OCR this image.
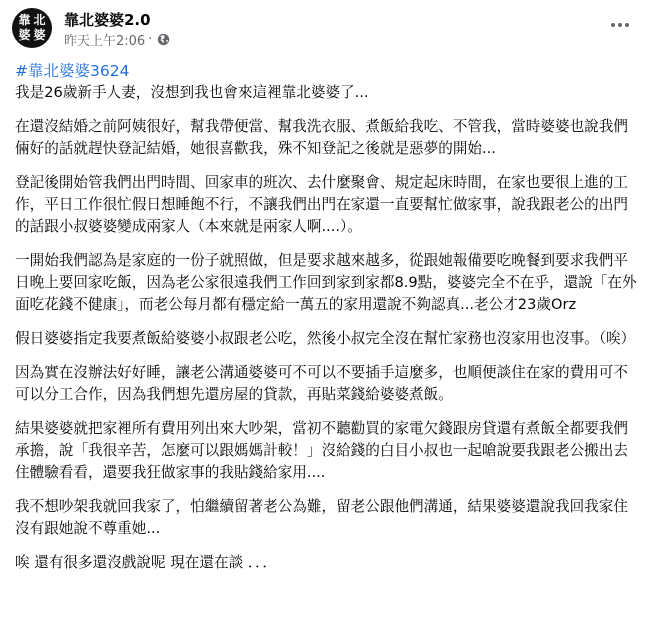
靠 北
婆 婆
靠北婆婆2.0
昨天上午2:06 ·
#靠北婆婆3624

我是26歲新手人妻，沒想到我也會來這裡靠北婆婆了...

在還沒結婚之前阿姨很好，幫我帶便當、幫我洗衣服、煮飯給我吃、不管我，當時婆婆也說我們倆好的話就趕快登記結婚，她很喜歡我，殊不知登記之後就是惡夢的開始...

登記後開始管我們出門時間、回家車的班次、去什麼聚會、規定起床時間，在家也要很上進的工作，平日工作很忙假日想睡飽不行，不讓我們出門在家還一直要幫忙做家事，說我跟老公的出門的話跟小叔婆婆變成兩家人（本來就是兩家人啊....）。

一開始我們認為是家庭的一份子就照做，但是要求越來越多，從跟她報備要吃晚餐到要求我們平日晚上要回家吃飯，因為老公家很遠我們工作回到家到家都8.9點，婆婆完全不在乎，還說「在外面吃花錢不健康」，而老公每月都有穩定給一萬五的家用還說不夠認真...老公才23歲Orz

假日婆婆指定我要煮飯給婆婆小叔跟老公吃，然後小叔完全沒在幫忙家務也沒家用也沒事。（唉）

因為實在沒辦法好好睡，讓老公溝通婆婆可不可以不要插手這麼多，也順便談住在家的費用可不可以分工合作，因為我們想先還房屋的貸款，再貼菜錢給婆婆煮飯。

結果婆婆就把家裡所有費用列出來大吵架，當初不聽勸買的家電欠錢跟房貸還有煮飯全都要我們承擔，說「我很辛苦，怎麼可以跟媽媽計較！」沒給錢的白目小叔也一起嗆說要我跟老公搬出去住體驗看看，還要我狂做家事的我貼錢給家用....

我不想吵架我就回我家了，怕繼續留著老公為難，留老公跟他們溝通，結果婆婆還說我回我家住沒有跟她說不尊重她...

唉 還有很多還沒戲說呢 現在還在談 ．．．
